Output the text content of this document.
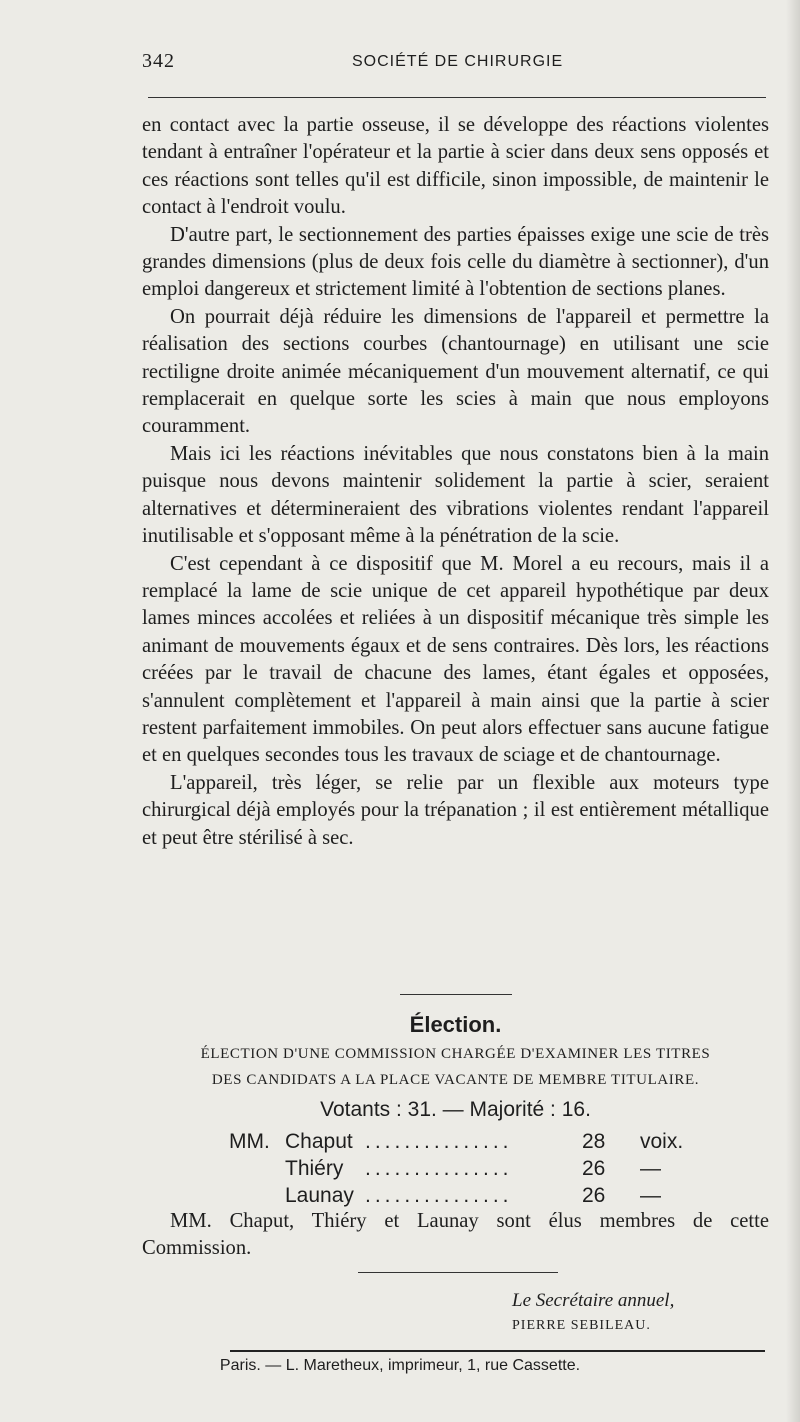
342	SOCIÉTÉ DE CHIRURGIE

en contact avec la partie osseuse, il se développe des réactions violentes tendant à entraîner l'opérateur et la partie à scier dans deux sens opposés et ces réactions sont telles qu'il est difficile, sinon impossible, de maintenir le contact à l'endroit voulu.

D'autre part, le sectionnement des parties épaisses exige une scie de très grandes dimensions (plus de deux fois celle du diamètre à sectionner), d'un emploi dangereux et strictement limité à l'obtention de sections planes.

On pourrait déjà réduire les dimensions de l'appareil et permettre la réalisation des sections courbes (chantournage) en utilisant une scie rectiligne droite animée mécaniquement d'un mouvement alternatif, ce qui remplacerait en quelque sorte les scies à main que nous employons couramment.

Mais ici les réactions inévitables que nous constatons bien à la main puisque nous devons maintenir solidement la partie à scier, seraient alternatives et détermineraient des vibrations violentes rendant l'appareil inutilisable et s'opposant même à la pénétration de la scie.

C'est cependant à ce dispositif que M. Morel a eu recours, mais il a remplacé la lame de scie unique de cet appareil hypothétique par deux lames minces accolées et reliées à un dispositif mécanique très simple les animant de mouvements égaux et de sens contraires. Dès lors, les réactions créées par le travail de chacune des lames, étant égales et opposées, s'annulent complètement et l'appareil à main ainsi que la partie à scier restent parfaitement immobiles. On peut alors effectuer sans aucune fatigue et en quelques secondes tous les travaux de sciage et de chantournage.

L'appareil, très léger, se relie par un flexible aux moteurs type chirurgical déjà employés pour la trépanation ; il est entièrement métallique et peut être stérilisé à sec.

Élection.
ÉLECTION D'UNE COMMISSION CHARGÉE D'EXAMINER LES TITRES
DES CANDIDATS A LA PLACE VACANTE DE MEMBRE TITULAIRE.
Votants : 31. — Majorité : 16.
MM. Chaput ...............	28 voix.
Thiéry ...............	26 —
Launay ...............	26 —

MM. Chaput, Thiéry et Launay sont élus membres de cette Commission.

Le Secrétaire annuel,
PIERRE SEBILEAU.
Paris. — L. Maretheux, imprimeur, 1, rue Cassette.
